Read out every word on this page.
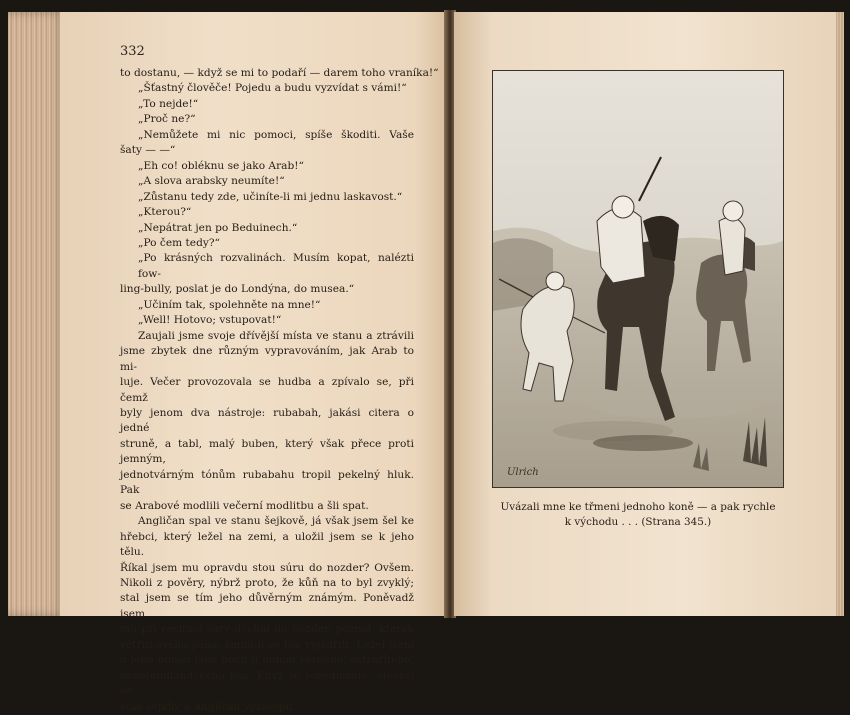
332
to dostanu, — když se mi to podaří — darem toho vraníka!“
„Šťastný člověče! Pojedu a budu vyzvídat s vámi!“
„To nejde!“
„Proč ne?“
„Nemůžete mi nic pomoci, spíše škoditi. Vaše
šaty — —“
„Eh co! obléknu se jako Arab!“
„A slova arabsky neumíte!“
„Zůstanu tedy zde, učiníte-li mi jednu laskavost.“
„Kterou?“
„Nepátrat jen po Beduinech.“
„Po čem tedy?“
„Po krásných rozvalinách. Musím kopat, nalézti fow-
ling-bully, poslat je do Londýna, do musea.“
„Učiním tak, spolehněte na mne!“
„Well! Hotovo; vstupovat!“
Zaujali jsme svoje dřívější místa ve stanu a ztrávili
jsme zbytek dne různým vypravováním, jak Arab to mi-
luje. Večer provozovala se hudba a zpívalo se, při čemž
byly jenom dva nástroje: rubabah, jakási citera o jedné
struně, a tabl, malý buben, který však přece proti jemným,
jednotvárným tónům rubabahu tropil pekelný hluk. Pak
se Arabové modlili večerní modlitbu a šli spat.
Angličan spal ve stanu šejkově, já však jsem šel ke
hřebci, který ležel na zemi, a uložil jsem se k jeho tělu.
Říkal jsem mu opravdu stou súru do nozder? Ovšem.
Nikoli z pověry, nýbrž proto, že kůň na to byl zvyklý;
stal jsem se tím jeho důvěrným známým. Poněvadž jsem
mu při recitaci súry dýchal do nozder, poznal, kterak
větřiti svého pána, smím-li se tak vyjádřiti. Ležel jsem
u jeho nohou jako hoch u nohou věrného, ostražitého,
novofundlandského psa. Když se rozednívalo, otevřel se
stan šejkův a Angličan vystoupil.
Ulrich
Uvázali mne ke třmeni jednoho koně — a pak rychle
k východu . . . (Strana 345.)
